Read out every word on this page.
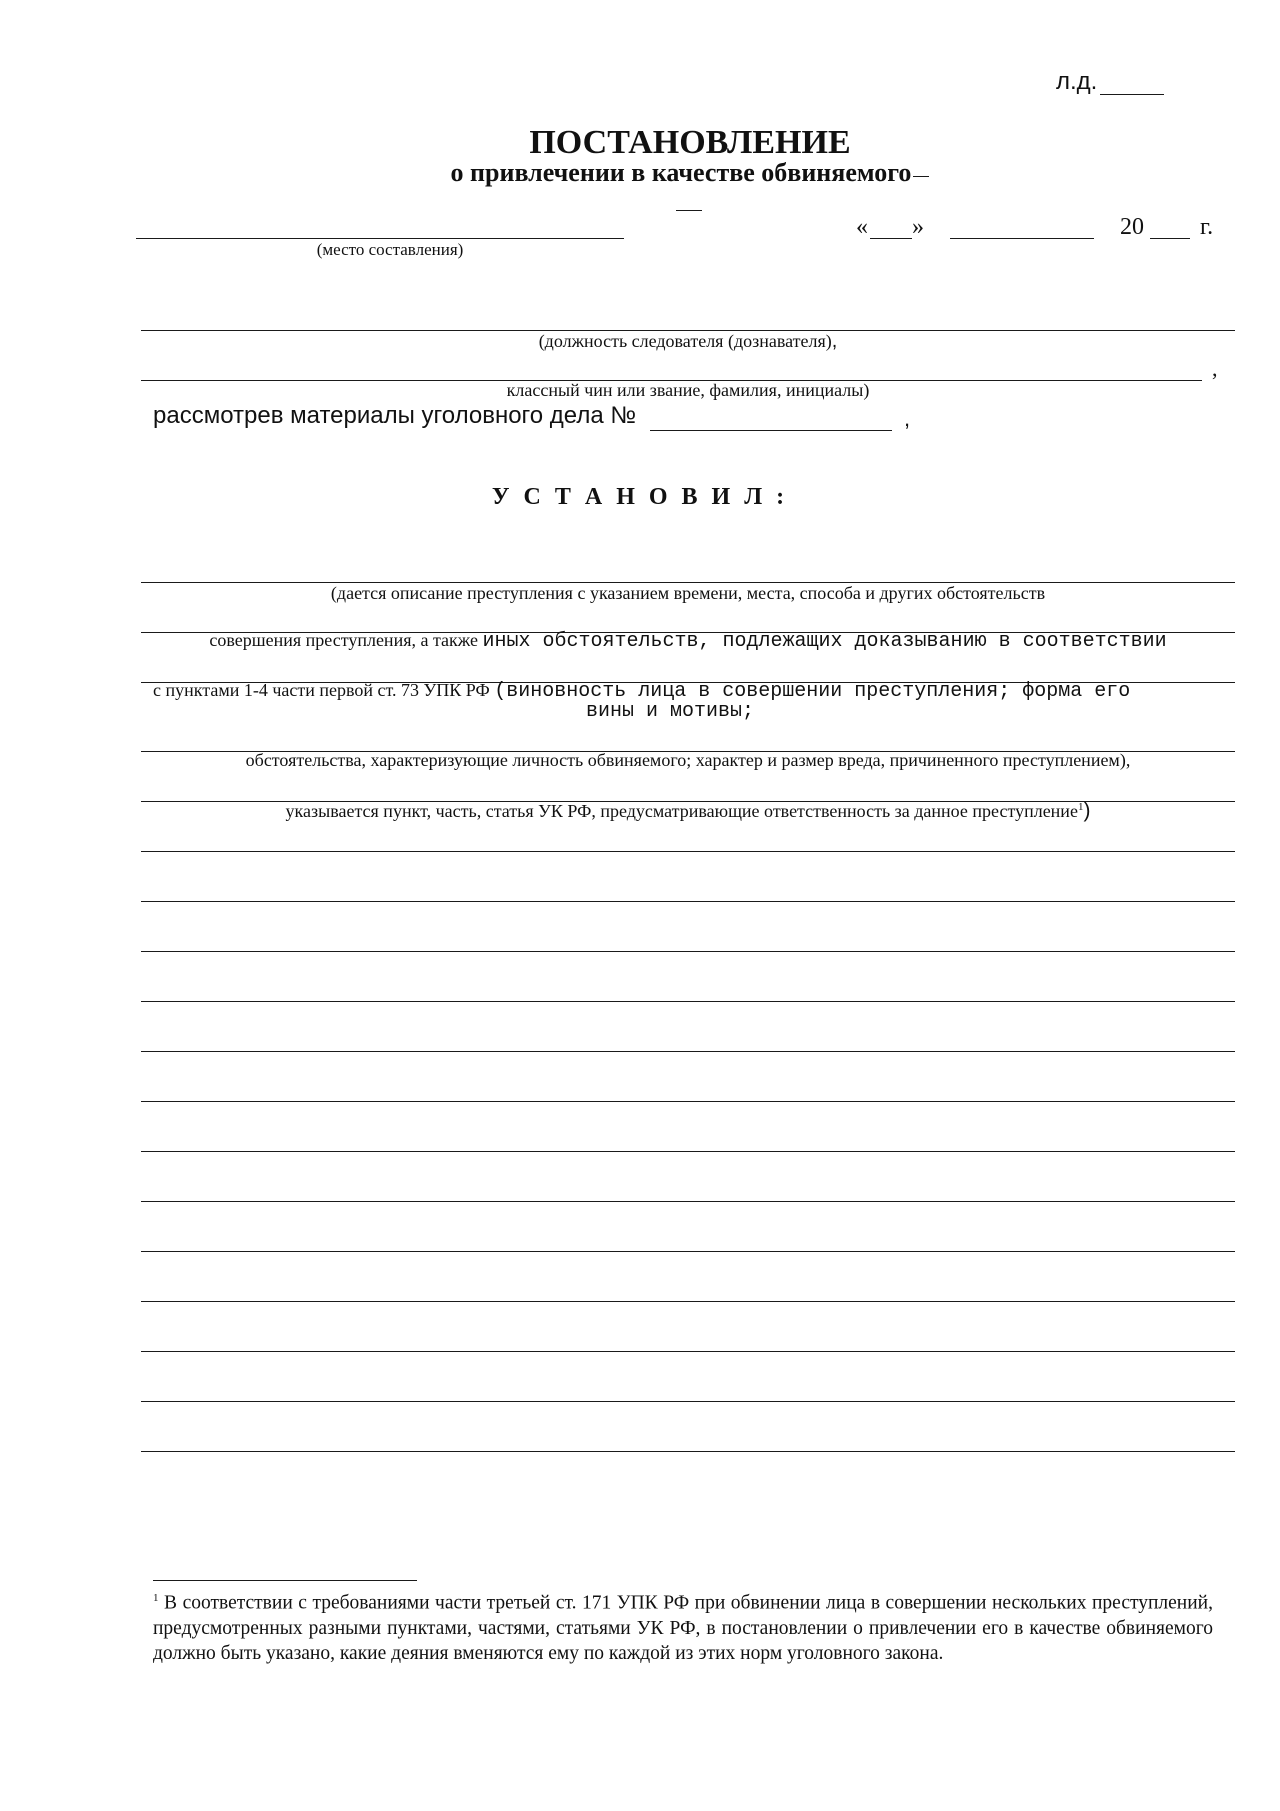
л.д.
ПОСТАНОВЛЕНИЕ
о привлечении в качестве обвиняемого
(место составления)
« »	20 г.
(должность следователя (дознавателя),
,
классный чин или звание, фамилия, инициалы)
рассмотрев материалы уголовного дела №	,
У С Т А Н О В И Л :
(дается описание преступления с указанием времени, места, способа и других обстоятельств
совершения преступления, а также иных обстоятельств, подлежащих доказыванию в соответствии
с пунктами 1-4 части первой ст. 73 УПК РФ (виновность лица в совершении преступления; форма его
вины и мотивы;
обстоятельства, характеризующие личность обвиняемого; характер и размер вреда, причиненного преступлением),
указывается пункт, часть, статья УК РФ, предусматривающие ответственность за данное преступление$^1$)
$^1$ В соответствии с требованиями части третьей ст. 171 УПК РФ при обвинении лица в совершении нескольких преступлений, предусмотренных разными пунктами, частями, статьями УК РФ, в постановлении о привлечении его в качестве обвиняемого должно быть указано, какие деяния вменяются ему по каждой из этих норм уголовного закона.
